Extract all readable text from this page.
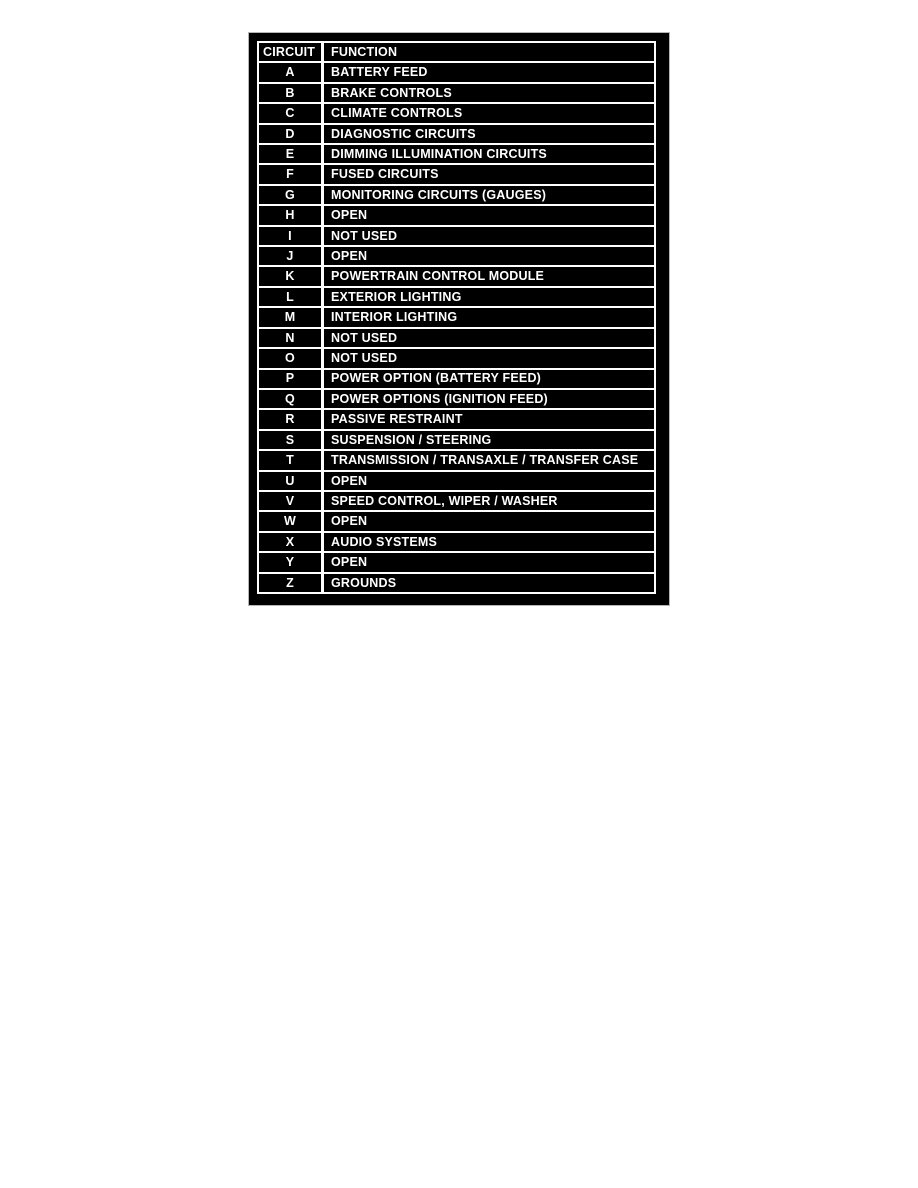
CIRCUIT	FUNCTION
A	BATTERY FEED
B	BRAKE CONTROLS
C	CLIMATE CONTROLS
D	DIAGNOSTIC CIRCUITS
E	DIMMING ILLUMINATION CIRCUITS
F	FUSED CIRCUITS
G	MONITORING CIRCUITS (GAUGES)
H	OPEN
I	NOT USED
J	OPEN
K	POWERTRAIN CONTROL MODULE
L	EXTERIOR LIGHTING
M	INTERIOR LIGHTING
N	NOT USED
O	NOT USED
P	POWER OPTION (BATTERY FEED)
Q	POWER OPTIONS (IGNITION FEED)
R	PASSIVE RESTRAINT
S	SUSPENSION / STEERING
T	TRANSMISSION / TRANSAXLE / TRANSFER CASE
U	OPEN
V	SPEED CONTROL, WIPER / WASHER
W	OPEN
X	AUDIO SYSTEMS
Y	OPEN
Z	GROUNDS
